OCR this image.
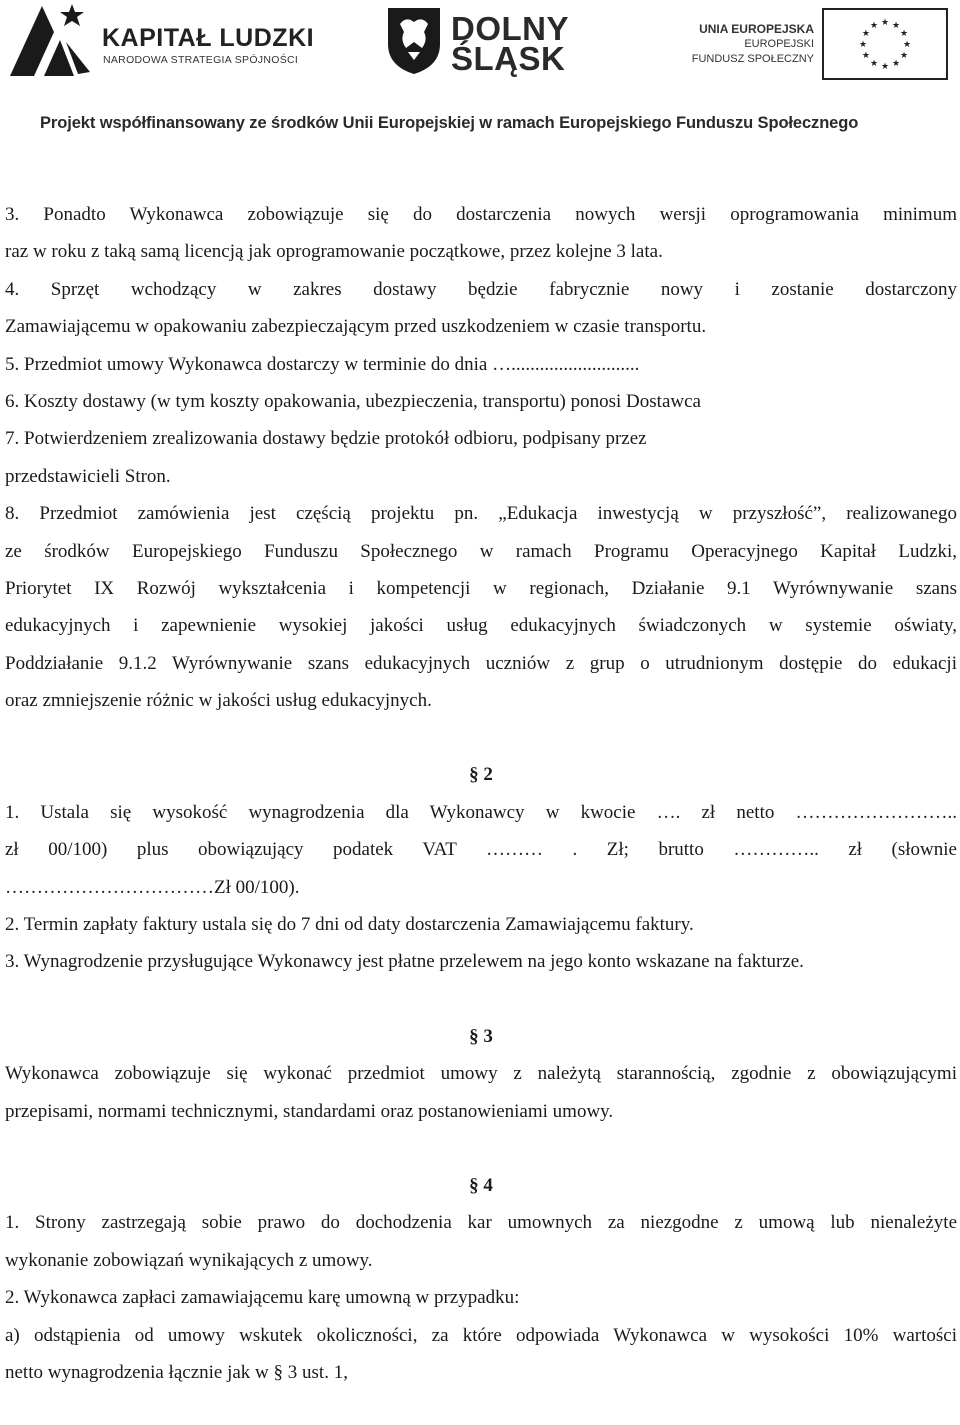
KAPITAŁ LUDZKI
NARODOWA STRATEGIA SPÓJNOŚCI
DOLNY
ŚLĄSK
UNIA EUROPEJSKA
EUROPEJSKI
FUNDUSZ SPOŁECZNY
★ ★
★
★
★
★
★
★
★
★
★
★
Projekt współfinansowany ze środków Unii Europejskiej w ramach Europejskiego Funduszu Społecznego
3. Ponadto Wykonawca zobowiązuje się do dostarczenia nowych wersji oprogramowania minimum
raz w roku z taką samą licencją jak oprogramowanie początkowe, przez kolejne 3 lata.
4. Sprzęt wchodzący w zakres dostawy będzie fabrycznie nowy i zostanie dostarczony
Zamawiającemu w opakowaniu zabezpieczającym przed uszkodzeniem w czasie transportu.
5. Przedmiot umowy Wykonawca dostarczy w terminie do dnia …...........................
6. Koszty dostawy (w tym koszty opakowania, ubezpieczenia, transportu) ponosi Dostawca
7. Potwierdzeniem zrealizowania dostawy będzie protokół odbioru, podpisany przez
przedstawicieli Stron.
8. Przedmiot zamówienia jest częścią projektu pn. „Edukacja inwestycją w przyszłość”, realizowanego
ze środków Europejskiego Funduszu Społecznego w ramach Programu Operacyjnego Kapitał Ludzki,
Priorytet IX Rozwój wykształcenia i kompetencji w regionach, Działanie 9.1 Wyrównywanie szans
edukacyjnych i zapewnienie wysokiej jakości usług edukacyjnych świadczonych w systemie oświaty,
Poddziałanie 9.1.2 Wyrównywanie szans edukacyjnych uczniów z grup o utrudnionym dostępie do edukacji
oraz zmniejszenie różnic w jakości usług edukacyjnych.
§ 2
1. Ustala się wysokość wynagrodzenia dla Wykonawcy w kwocie …. zł netto ……………………..
zł 00/100) plus obowiązujący podatek VAT ……… . Zł; brutto ………….. zł (słownie
……………………………Zł 00/100).
2. Termin zapłaty faktury ustala się do 7 dni od daty dostarczenia Zamawiającemu faktury.
3. Wynagrodzenie przysługujące Wykonawcy jest płatne przelewem na jego konto wskazane na fakturze.
§ 3
Wykonawca zobowiązuje się wykonać przedmiot umowy z należytą starannością, zgodnie z obowiązującymi
przepisami, normami technicznymi, standardami oraz postanowieniami umowy.
§ 4
1. Strony zastrzegają sobie prawo do dochodzenia kar umownych za niezgodne z umową lub nienależyte
wykonanie zobowiązań wynikających z umowy.
2. Wykonawca zapłaci zamawiającemu karę umowną w przypadku:
a) odstąpienia od umowy wskutek okoliczności, za które odpowiada Wykonawca w wysokości 10% wartości
netto wynagrodzenia łącznie jak w § 3 ust. 1,
